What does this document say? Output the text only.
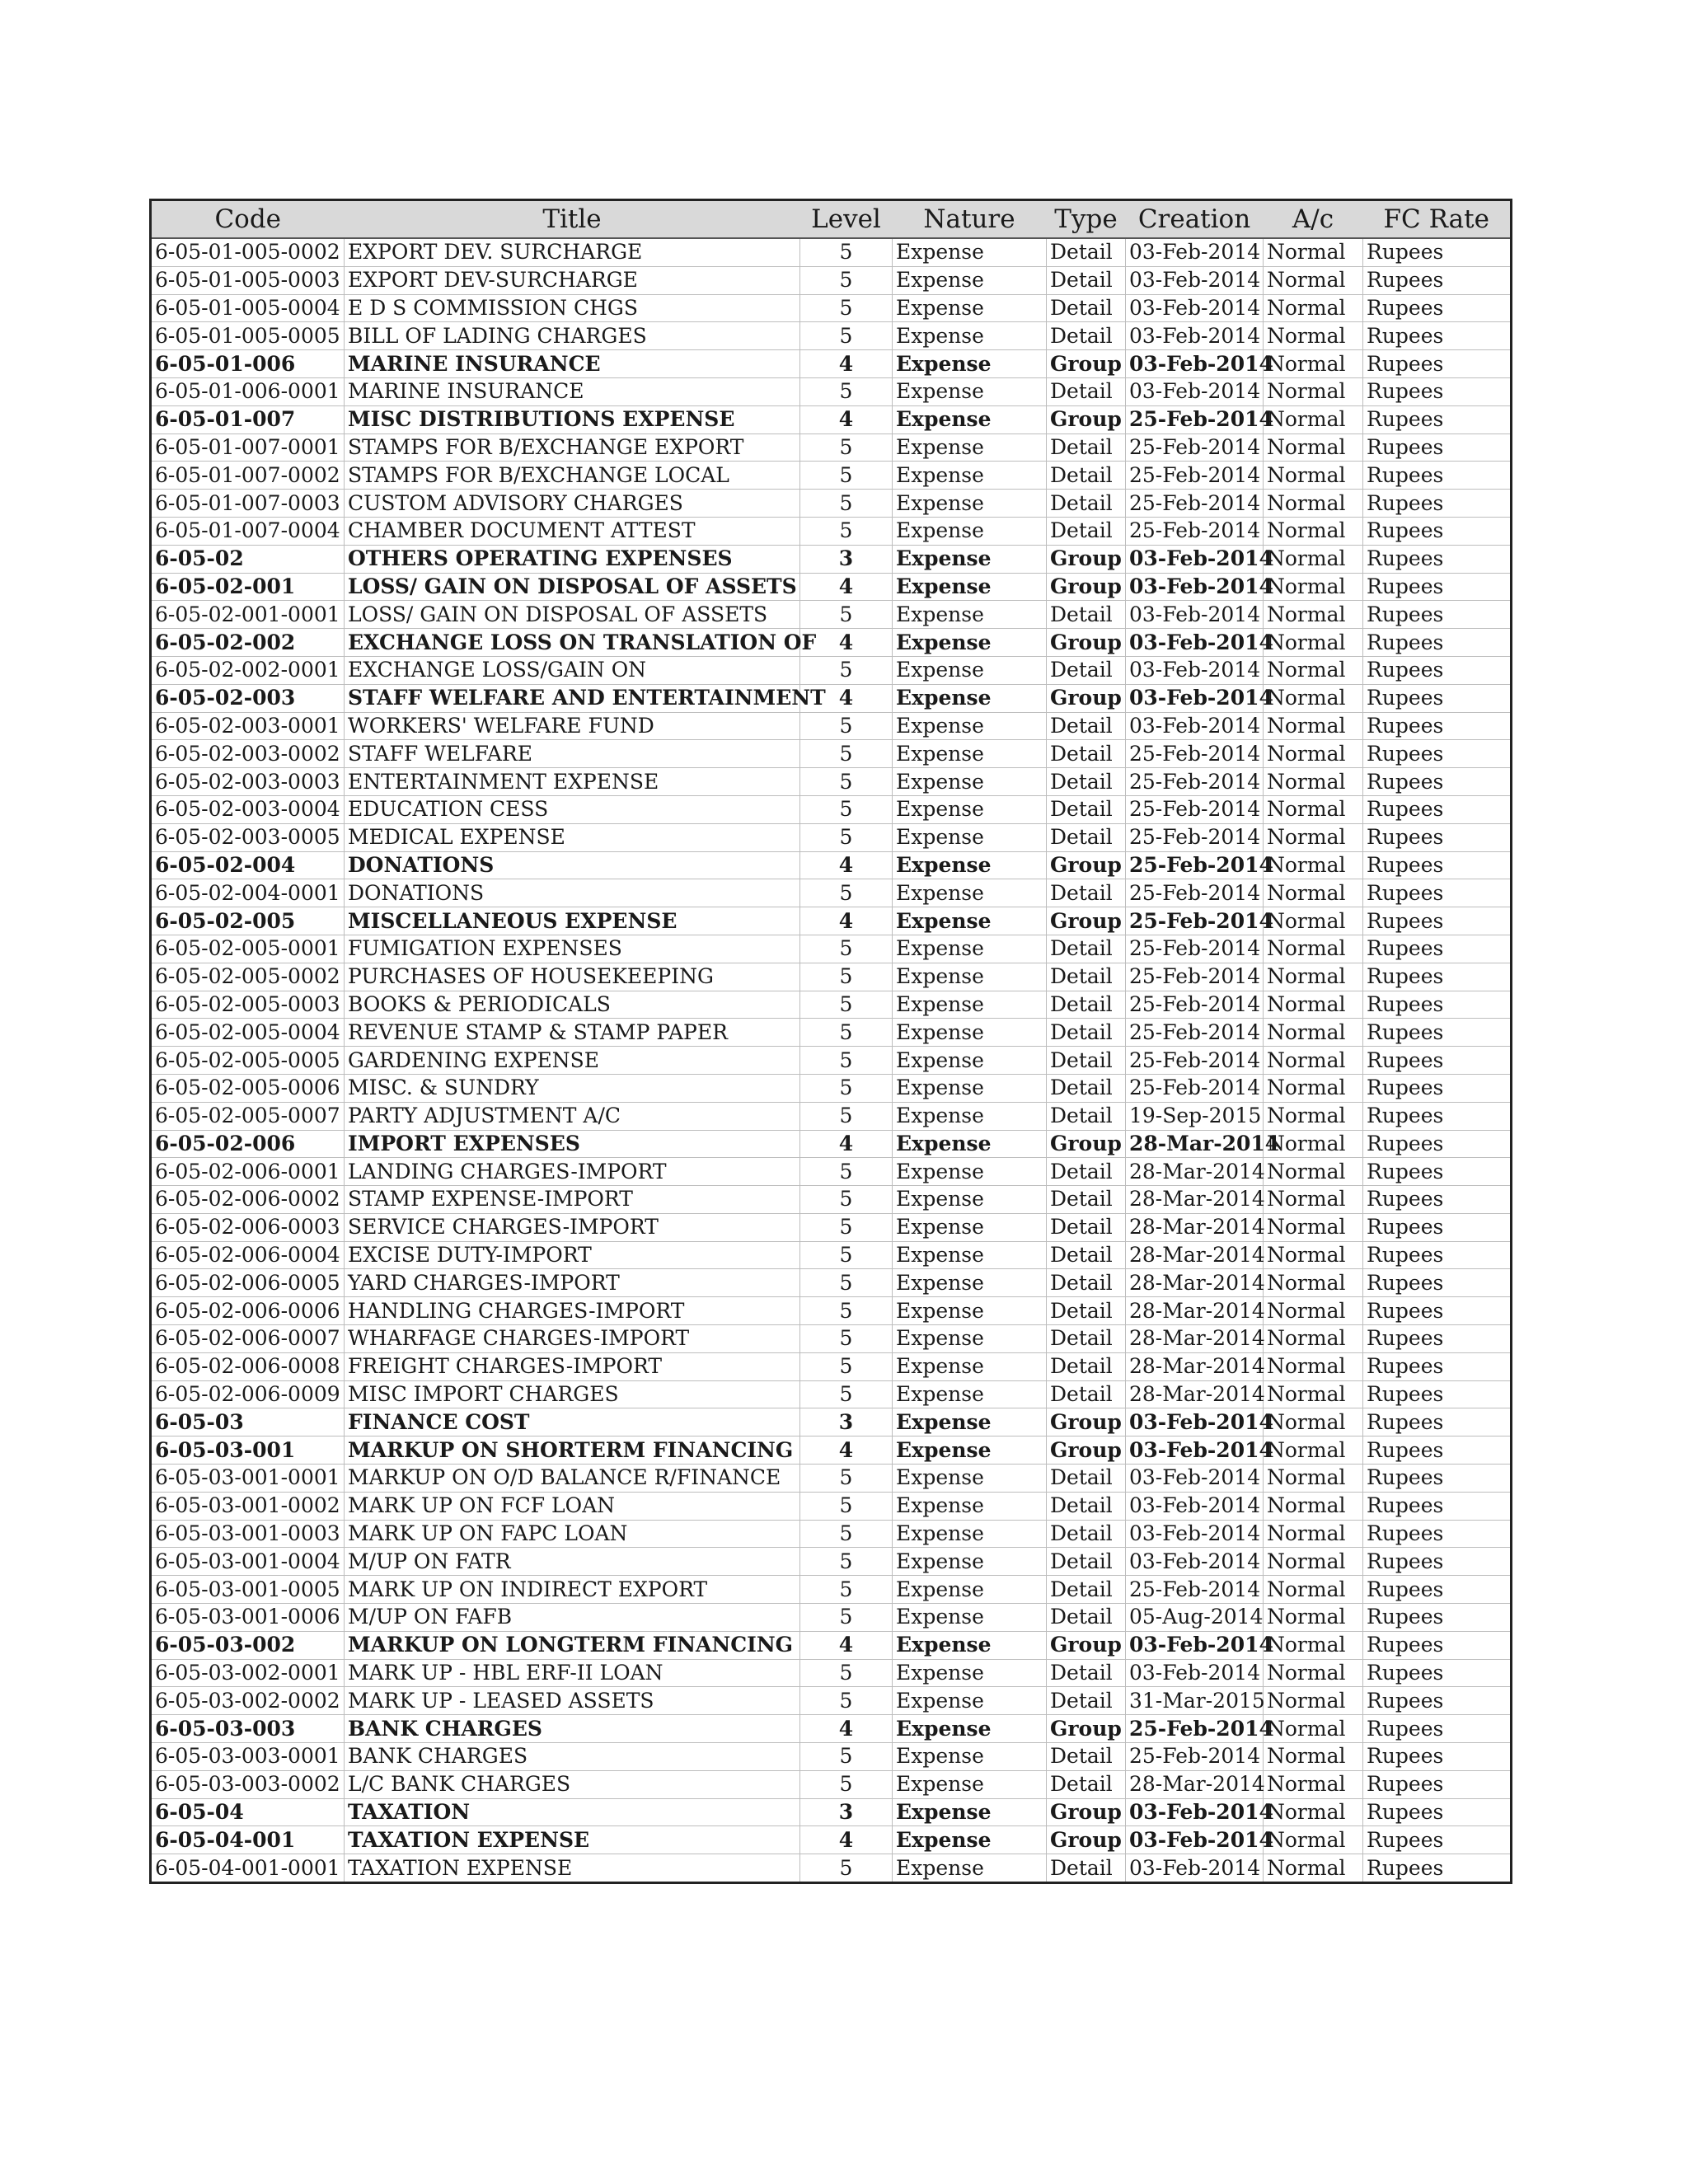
Code	Title	Level	Nature	Type	Creation	A/c	FC Rate
6-05-01-005-0002	EXPORT DEV. SURCHARGE	5	Expense	Detail	03-Feb-2014	Normal	Rupees
6-05-01-005-0003	EXPORT DEV-SURCHARGE	5	Expense	Detail	03-Feb-2014	Normal	Rupees
6-05-01-005-0004	E D S COMMISSION CHGS	5	Expense	Detail	03-Feb-2014	Normal	Rupees
6-05-01-005-0005	BILL OF LADING CHARGES	5	Expense	Detail	03-Feb-2014	Normal	Rupees
6-05-01-006	MARINE INSURANCE	4	Expense	Group	03-Feb-2014	Normal	Rupees
6-05-01-006-0001	MARINE INSURANCE	5	Expense	Detail	03-Feb-2014	Normal	Rupees
6-05-01-007	MISC DISTRIBUTIONS EXPENSE	4	Expense	Group	25-Feb-2014	Normal	Rupees
6-05-01-007-0001	STAMPS FOR B/EXCHANGE EXPORT	5	Expense	Detail	25-Feb-2014	Normal	Rupees
6-05-01-007-0002	STAMPS FOR B/EXCHANGE LOCAL	5	Expense	Detail	25-Feb-2014	Normal	Rupees
6-05-01-007-0003	CUSTOM ADVISORY CHARGES	5	Expense	Detail	25-Feb-2014	Normal	Rupees
6-05-01-007-0004	CHAMBER DOCUMENT ATTEST	5	Expense	Detail	25-Feb-2014	Normal	Rupees
6-05-02	OTHERS OPERATING EXPENSES	3	Expense	Group	03-Feb-2014	Normal	Rupees
6-05-02-001	LOSS/ GAIN ON DISPOSAL OF ASSETS	4	Expense	Group	03-Feb-2014	Normal	Rupees
6-05-02-001-0001	LOSS/ GAIN ON DISPOSAL OF ASSETS	5	Expense	Detail	03-Feb-2014	Normal	Rupees
6-05-02-002	EXCHANGE LOSS ON TRANSLATION OF	4	Expense	Group	03-Feb-2014	Normal	Rupees
6-05-02-002-0001	EXCHANGE LOSS/GAIN ON	5	Expense	Detail	03-Feb-2014	Normal	Rupees
6-05-02-003	STAFF WELFARE AND ENTERTAINMENT	4	Expense	Group	03-Feb-2014	Normal	Rupees
6-05-02-003-0001	WORKERS' WELFARE FUND	5	Expense	Detail	03-Feb-2014	Normal	Rupees
6-05-02-003-0002	STAFF WELFARE	5	Expense	Detail	25-Feb-2014	Normal	Rupees
6-05-02-003-0003	ENTERTAINMENT EXPENSE	5	Expense	Detail	25-Feb-2014	Normal	Rupees
6-05-02-003-0004	EDUCATION CESS	5	Expense	Detail	25-Feb-2014	Normal	Rupees
6-05-02-003-0005	MEDICAL EXPENSE	5	Expense	Detail	25-Feb-2014	Normal	Rupees
6-05-02-004	DONATIONS	4	Expense	Group	25-Feb-2014	Normal	Rupees
6-05-02-004-0001	DONATIONS	5	Expense	Detail	25-Feb-2014	Normal	Rupees
6-05-02-005	MISCELLANEOUS EXPENSE	4	Expense	Group	25-Feb-2014	Normal	Rupees
6-05-02-005-0001	FUMIGATION EXPENSES	5	Expense	Detail	25-Feb-2014	Normal	Rupees
6-05-02-005-0002	PURCHASES OF HOUSEKEEPING	5	Expense	Detail	25-Feb-2014	Normal	Rupees
6-05-02-005-0003	BOOKS & PERIODICALS	5	Expense	Detail	25-Feb-2014	Normal	Rupees
6-05-02-005-0004	REVENUE STAMP & STAMP PAPER	5	Expense	Detail	25-Feb-2014	Normal	Rupees
6-05-02-005-0005	GARDENING EXPENSE	5	Expense	Detail	25-Feb-2014	Normal	Rupees
6-05-02-005-0006	MISC. & SUNDRY	5	Expense	Detail	25-Feb-2014	Normal	Rupees
6-05-02-005-0007	PARTY ADJUSTMENT A/C	5	Expense	Detail	19-Sep-2015	Normal	Rupees
6-05-02-006	IMPORT EXPENSES	4	Expense	Group	28-Mar-2014	Normal	Rupees
6-05-02-006-0001	LANDING CHARGES-IMPORT	5	Expense	Detail	28-Mar-2014	Normal	Rupees
6-05-02-006-0002	STAMP EXPENSE-IMPORT	5	Expense	Detail	28-Mar-2014	Normal	Rupees
6-05-02-006-0003	SERVICE CHARGES-IMPORT	5	Expense	Detail	28-Mar-2014	Normal	Rupees
6-05-02-006-0004	EXCISE DUTY-IMPORT	5	Expense	Detail	28-Mar-2014	Normal	Rupees
6-05-02-006-0005	YARD CHARGES-IMPORT	5	Expense	Detail	28-Mar-2014	Normal	Rupees
6-05-02-006-0006	HANDLING CHARGES-IMPORT	5	Expense	Detail	28-Mar-2014	Normal	Rupees
6-05-02-006-0007	WHARFAGE CHARGES-IMPORT	5	Expense	Detail	28-Mar-2014	Normal	Rupees
6-05-02-006-0008	FREIGHT CHARGES-IMPORT	5	Expense	Detail	28-Mar-2014	Normal	Rupees
6-05-02-006-0009	MISC IMPORT CHARGES	5	Expense	Detail	28-Mar-2014	Normal	Rupees
6-05-03	FINANCE COST	3	Expense	Group	03-Feb-2014	Normal	Rupees
6-05-03-001	MARKUP ON SHORTERM FINANCING	4	Expense	Group	03-Feb-2014	Normal	Rupees
6-05-03-001-0001	MARKUP ON O/D BALANCE R/FINANCE	5	Expense	Detail	03-Feb-2014	Normal	Rupees
6-05-03-001-0002	MARK UP ON FCF LOAN	5	Expense	Detail	03-Feb-2014	Normal	Rupees
6-05-03-001-0003	MARK UP ON FAPC LOAN	5	Expense	Detail	03-Feb-2014	Normal	Rupees
6-05-03-001-0004	M/UP ON FATR	5	Expense	Detail	03-Feb-2014	Normal	Rupees
6-05-03-001-0005	MARK UP ON INDIRECT EXPORT	5	Expense	Detail	25-Feb-2014	Normal	Rupees
6-05-03-001-0006	M/UP ON FAFB	5	Expense	Detail	05-Aug-2014	Normal	Rupees
6-05-03-002	MARKUP ON LONGTERM FINANCING	4	Expense	Group	03-Feb-2014	Normal	Rupees
6-05-03-002-0001	MARK UP - HBL ERF-II LOAN	5	Expense	Detail	03-Feb-2014	Normal	Rupees
6-05-03-002-0002	MARK UP - LEASED ASSETS	5	Expense	Detail	31-Mar-2015	Normal	Rupees
6-05-03-003	BANK CHARGES	4	Expense	Group	25-Feb-2014	Normal	Rupees
6-05-03-003-0001	BANK CHARGES	5	Expense	Detail	25-Feb-2014	Normal	Rupees
6-05-03-003-0002	L/C BANK CHARGES	5	Expense	Detail	28-Mar-2014	Normal	Rupees
6-05-04	TAXATION	3	Expense	Group	03-Feb-2014	Normal	Rupees
6-05-04-001	TAXATION EXPENSE	4	Expense	Group	03-Feb-2014	Normal	Rupees
6-05-04-001-0001	TAXATION EXPENSE	5	Expense	Detail	03-Feb-2014	Normal	Rupees
